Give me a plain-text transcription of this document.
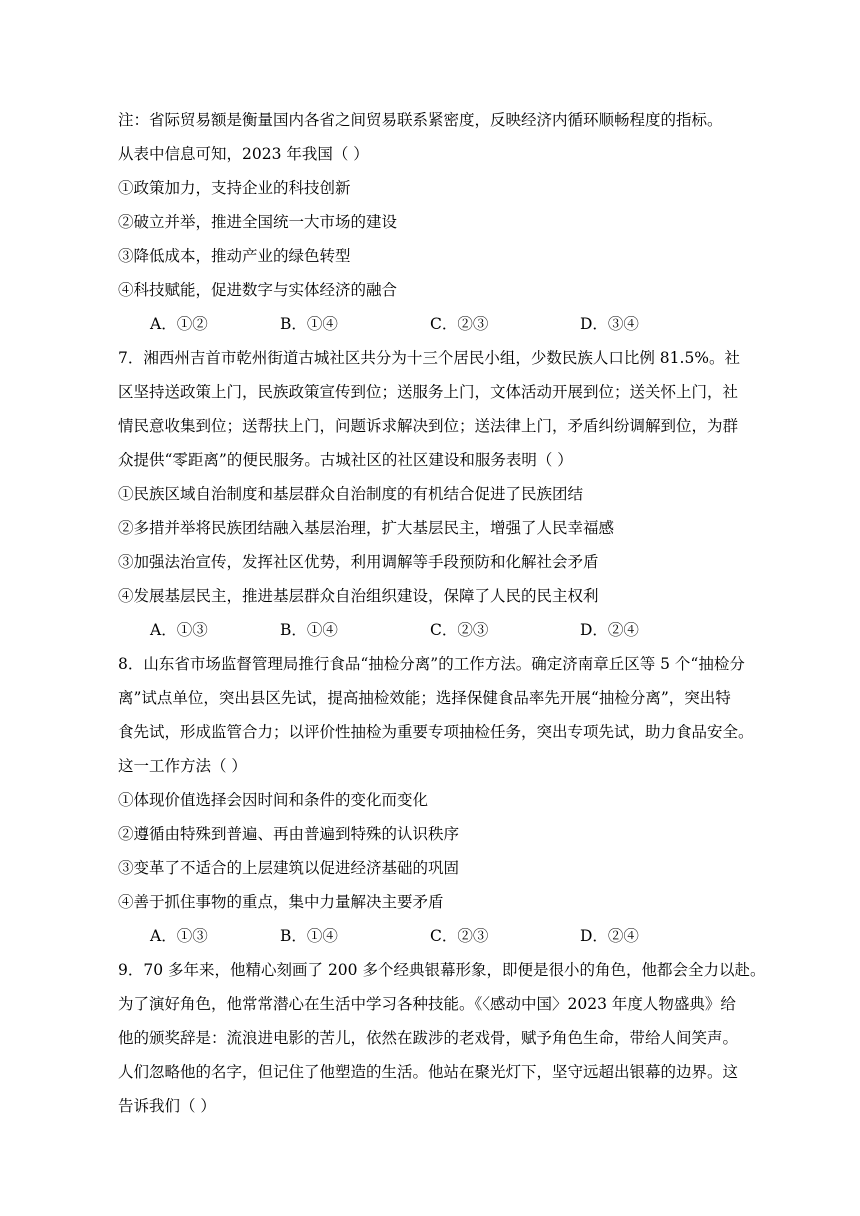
注：省际贸易额是衡量国内各省之间贸易联系紧密度，反映经济内循环顺畅程度的指标。
从表中信息可知，2023 年我国（ ）
①政策加力，支持企业的科技创新
②破立并举，推进全国统一大市场的建设
③降低成本，推动产业的绿色转型
④科技赋能，促进数字与实体经济的融合
A．①②	B．①④	C．②③	D．③④
7．湘西州吉首市乾州街道古城社区共分为十三个居民小组，少数民族人口比例 81.5%。社
区坚持送政策上门，民族政策宣传到位；送服务上门，文体活动开展到位；送关怀上门，社
情民意收集到位；送帮扶上门，问题诉求解决到位；送法律上门，矛盾纠纷调解到位，为群
众提供“零距离”的便民服务。古城社区的社区建设和服务表明（ ）
①民族区域自治制度和基层群众自治制度的有机结合促进了民族团结
②多措并举将民族团结融入基层治理，扩大基层民主，增强了人民幸福感
③加强法治宣传，发挥社区优势，利用调解等手段预防和化解社会矛盾
④发展基层民主，推进基层群众自治组织建设，保障了人民的民主权利
A．①③	B．①④	C．②③	D．②④
8．山东省市场监督管理局推行食品“抽检分离”的工作方法。确定济南章丘区等 5 个“抽检分
离”试点单位，突出县区先试，提高抽检效能；选择保健食品率先开展“抽检分离”，突出特
食先试，形成监管合力；以评价性抽检为重要专项抽检任务，突出专项先试，助力食品安全。
这一工作方法（ ）
①体现价值选择会因时间和条件的变化而变化
②遵循由特殊到普遍、再由普遍到特殊的认识秩序
③变革了不适合的上层建筑以促进经济基础的巩固
④善于抓住事物的重点，集中力量解决主要矛盾
A．①③	B．①④	C．②③	D．②④
9．70 多年来，他精心刻画了 200 多个经典银幕形象，即便是很小的角色，他都会全力以赴。
为了演好角色，他常常潜心在生活中学习各种技能。《〈感动中国〉2023 年度人物盛典》给
他的颁奖辞是：流浪进电影的苦儿，依然在跋涉的老戏骨，赋予角色生命，带给人间笑声。
人们忽略他的名字，但记住了他塑造的生活。他站在聚光灯下，坚守远超出银幕的边界。这
告诉我们（ ）
